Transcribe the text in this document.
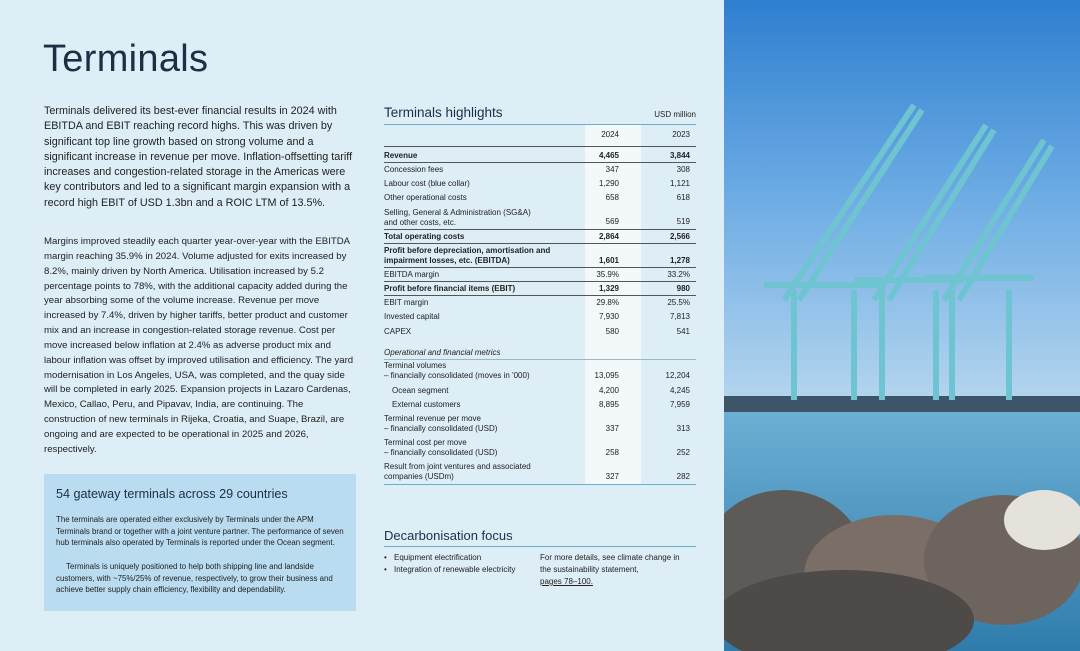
Terminals

Terminals delivered its best-ever financial results in 2024 with EBITDA and EBIT reaching record highs. This was driven by significant top line growth based on strong volume and a significant increase in revenue per move. Inflation-offsetting tariff increases and congestion-related storage in the Americas were key contributors and led to a significant margin expansion with a record high EBIT of USD 1.3bn and a ROIC LTM of 13.5%.

Margins improved steadily each quarter year-over-year with the EBITDA margin reaching 35.9% in 2024. Volume adjusted for exits increased by 8.2%, mainly driven by North America. Utilisation increased by 5.2 percentage points to 78%, with the additional capacity added during the year absorbing some of the volume increase. Revenue per move increased by 7.4%, driven by higher tariffs, better product and customer mix and an increase in congestion-related storage revenue. Cost per move increased below inflation at 2.4% as adverse product mix and labour inflation was offset by improved utilisation and efficiency. The yard modernisation in Los Angeles, USA, was completed, and the quay side will be completed in early 2025. Expansion projects in Lazaro Cardenas, Mexico, Callao, Peru, and Pipavav, India, are continuing. The construction of new terminals in Rijeka, Croatia, and Suape, Brazil, are ongoing and are expected to be operational in 2025 and 2026, respectively.

54 gateway terminals across 29 countries

The terminals are operated either exclusively by Terminals under the APM Terminals brand or together with a joint venture partner. The performance of seven hub terminals also operated by Terminals is reported under the Ocean segment.

Terminals is uniquely positioned to help both shipping line and landside customers, with ~75%/25% of revenue, respectively, to grow their business and achieve better supply chain efficiency, flexibility and dependability.

Terminals highlights	USD million
2024	2023
Revenue	4,465	3,844
Concession fees	347	308
Labour cost (blue collar)	1,290	1,121
Other operational costs	658	618
Selling, General & Administration (SG&A)
and other costs, etc.	569	519
Total operating costs	2,864	2,566
Profit before depreciation, amortisation and
impairment losses, etc. (EBITDA)	1,601	1,278
EBITDA margin	35.9%	33.2%
Profit before financial items (EBIT)	1,329	980
EBIT margin	29.8%	25.5%
Invested capital	7,930	7,813
CAPEX	580	541
Operational and financial metrics
Terminal volumes
– financially consolidated (moves in '000)	13,095	12,204
Ocean segment	4,200	4,245
External customers	8,895	7,959
Terminal revenue per move
– financially consolidated (USD)	337	313
Terminal cost per move
– financially consolidated (USD)	258	252
Result from joint ventures and associated
companies (USDm)	327	282
Decarbonisation focus
• Equipment electrification
• Integration of renewable electricity

For more details, see climate change in the sustainability statement,
pages 78–100.
